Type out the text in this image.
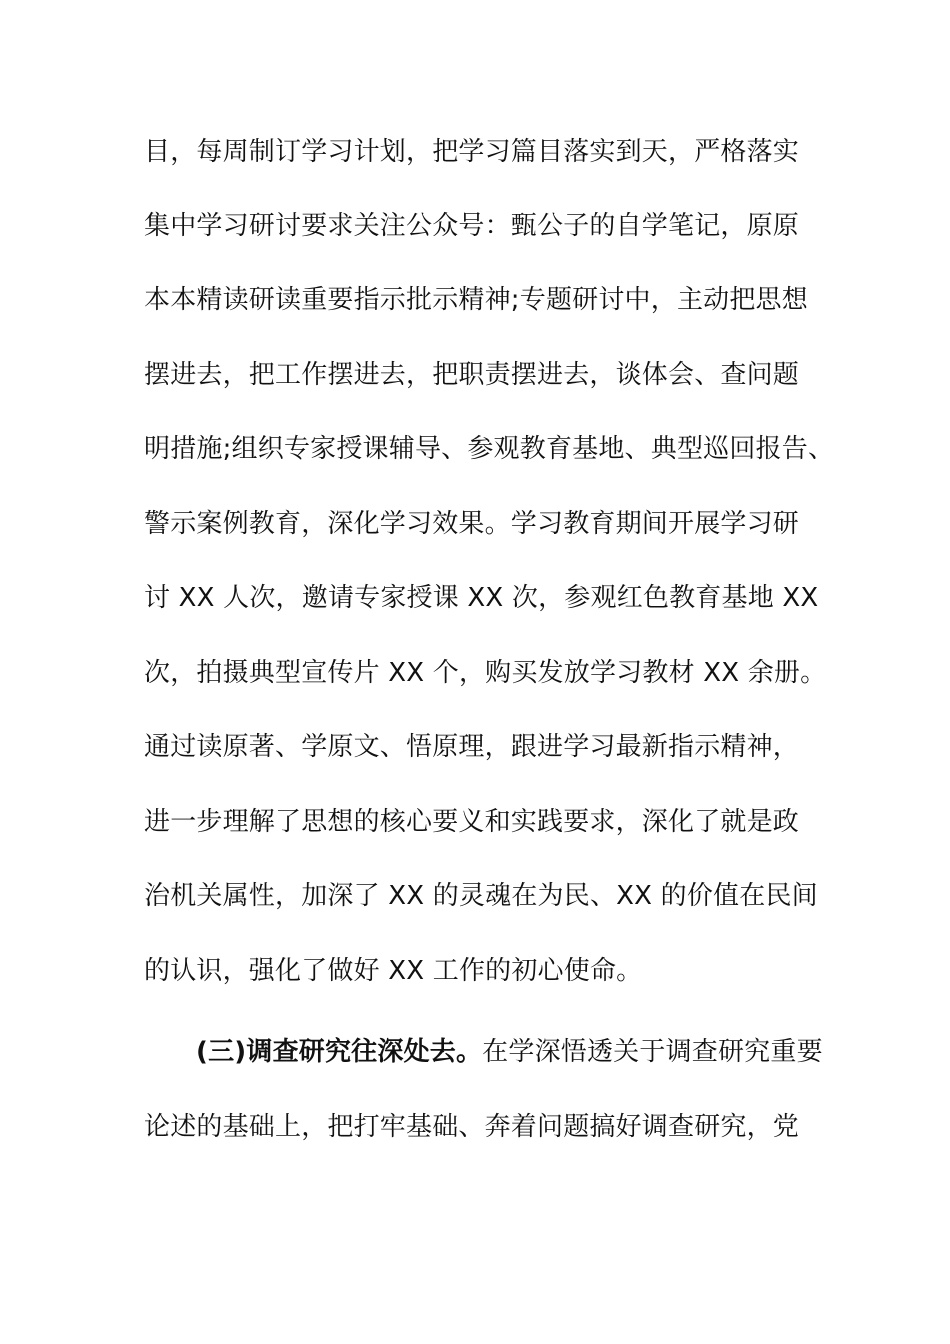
目，每周制订学习计划，把学习篇目落实到天，严格落实
集中学习研讨要求关注公众号：甄公子的自学笔记，原原
本本精读研读重要指示批示精神;专题研讨中，主动把思想
摆进去，把工作摆进去，把职责摆进去，谈体会、查问题
明措施;组织专家授课辅导、参观教育基地、典型巡回报告、
警示案例教育，深化学习效果。学习教育期间开展学习研
讨 XX 人次，邀请专家授课 XX 次，参观红色教育基地 XX
次，拍摄典型宣传片 XX 个，购买发放学习教材 XX 余册。
通过读原著、学原文、悟原理，跟进学习最新指示精神，
进一步理解了思想的核心要义和实践要求，深化了就是政
治机关属性，加深了 XX 的灵魂在为民、XX 的价值在民间
的认识，强化了做好 XX 工作的初心使命。
(三)调查研究往深处去。在学深悟透关于调查研究重要
论述的基础上，把打牢基础、奔着问题搞好调查研究，党
